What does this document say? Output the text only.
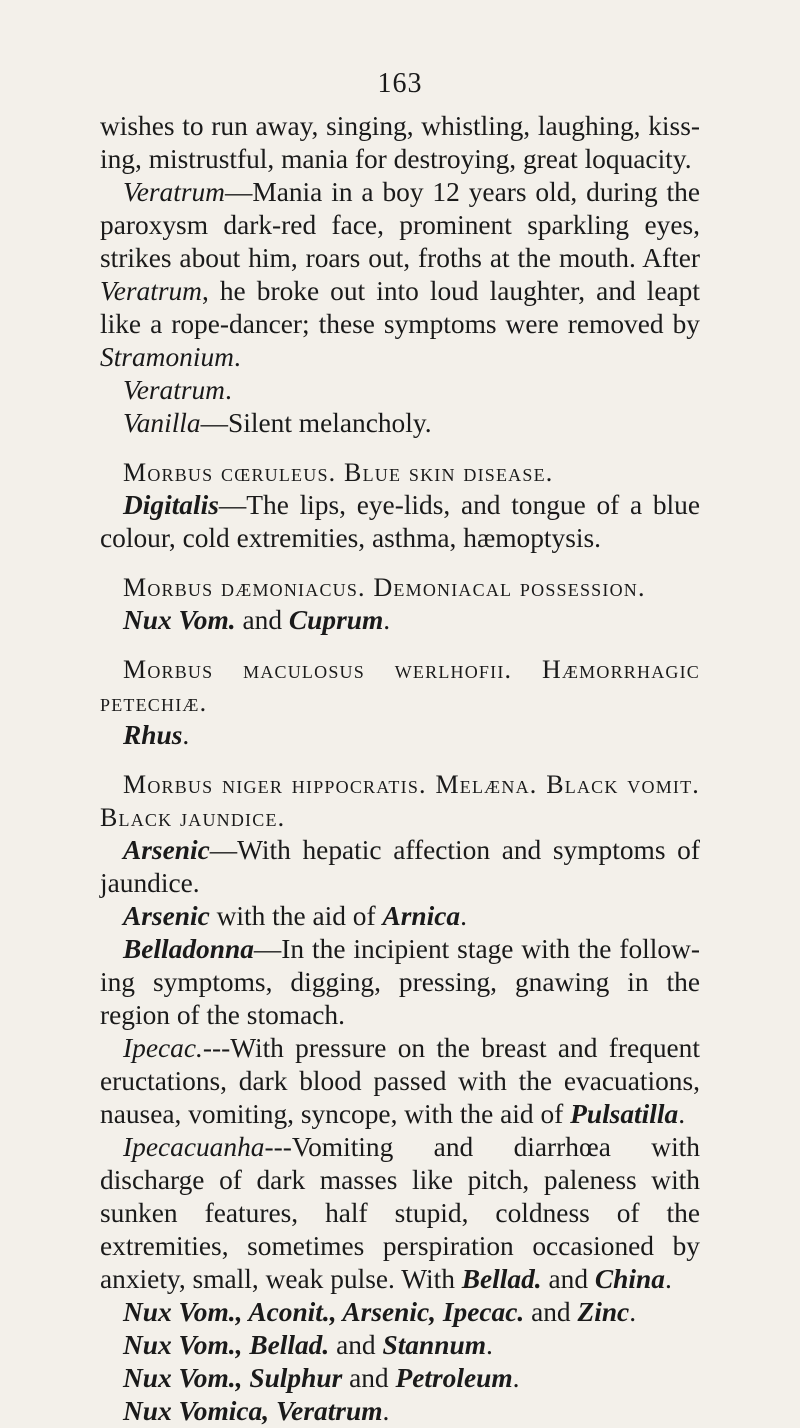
163

wishes to run away, singing, whistling, laughing, kissing, mistrustful, mania for destroying, great loquacity.

Veratrum—Mania in a boy 12 years old, during the paroxysm dark-red face, prominent sparkling eyes, strikes about him, roars out, froths at the mouth. After Veratrum, he broke out into loud laughter, and leapt like a rope-dancer; these symptoms were removed by Stramonium.

Veratrum.

Vanilla—Silent melancholy.

Morbus cœruleus. Blue skin disease.

Digitalis—The lips, eye-lids, and tongue of a blue colour, cold extremities, asthma, hæmoptysis.

Morbus dæmoniacus. Demoniacal possession.

Nux Vom. and Cuprum.

Morbus maculosus werlhofii. Hæmorrhagic petechiæ.

Rhus.

Morbus niger hippocratis. Melæna. Black vomit. Black jaundice.

Arsenic—With hepatic affection and symptoms of jaundice.

Arsenic with the aid of Arnica.

Belladonna—In the incipient stage with the following symptoms, digging, pressing, gnawing in the region of the stomach.

Ipecac.---With pressure on the breast and frequent eructations, dark blood passed with the evacuations, nausea, vomiting, syncope, with the aid of Pulsatilla.

Ipecacuanha---Vomiting and diarrhœa with discharge of dark masses like pitch, paleness with sunken features, half stupid, coldness of the extremities, sometimes perspiration occasioned by anxiety, small, weak pulse. With Bellad. and China.

Nux Vom., Aconit., Arsenic, Ipecac. and Zinc.

Nux Vom., Bellad. and Stannum.

Nux Vom., Sulphur and Petroleum.

Nux Vomica, Veratrum.
